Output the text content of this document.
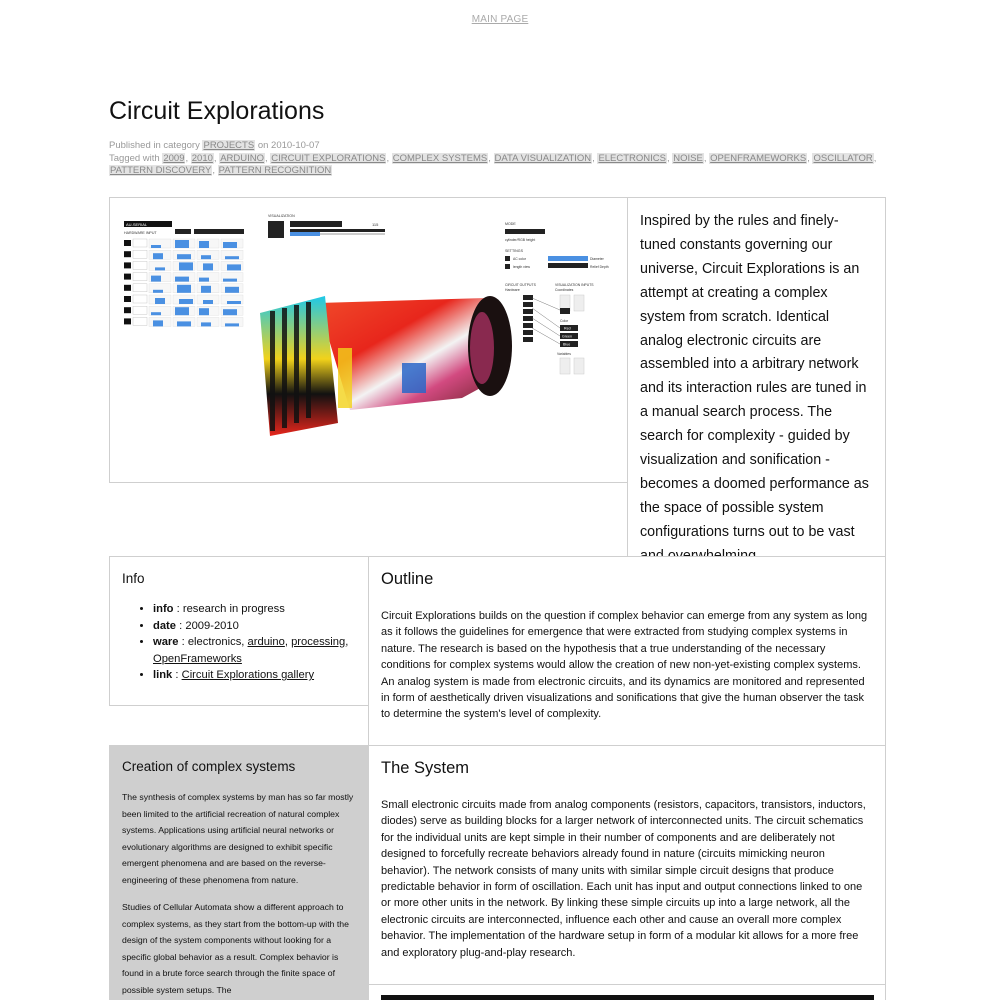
MAIN PAGE
Circuit Explorations
Published in category PROJECTS on 2010-10-07
Tagged with 2009, 2010, ARDUINO, CIRCUIT EXPLORATIONS, COMPLEX SYSTEMS, DATA VISUALIZATION, ELECTRONICS, NOISE, OPENFRAMEWORKS, OSCILLATOR, PATTERN DISCOVERY, PATTERN RECOGNITION
AU-SERIAL
HARDWARE INPUT
VISUALIZATION
115	MODE
cylinder/RGB height
SETTINGS
AC color
length view
Diameter
Relief Depth
CIRCUIT OUTPUTS
Hardware
VISUALIZATION INPUTS
Coordinates
Color
Red
Green
Blue
Variables
Inspired by the rules and finely-tuned constants governing our universe, Circuit Explorations is an attempt at creating a complex system from scratch. Identical analog electronic circuits are assembled into a arbitrary network and its interaction rules are tuned in a manual search process. The search for complexity - guided by visualization and sonification - becomes a doomed performance as the space of possible system configurations turns out to be vast
Info
• info : research in progress
• date : 2009-2010
• ware : electronics, arduino, processing, OpenFrameworks
• link : Circuit Explorations gallery
Outline

Circuit Explorations builds on the question if complex behavior can emerge from any system as long as it follows the guidelines for emergence that were extracted from studying complex systems in nature. The research is based on the hypothesis that a true understanding of the necessary conditions for complex systems would allow the creation of new non-yet-existing complex systems. An analog system is made from electronic circuits, and its dynamics are monitored and represented in form of aesthetically driven visualizations and sonifications that give the human observer the task to determine the system's level of complexity.

Creation of complex systems

The synthesis of complex systems by man has so far mostly been limited to the artificial recreation of natural complex systems. Applications using artificial neural networks or evolutionary algorithms are designed to exhibit specific emergent phenomena and are based on the reverse-engineering of these phenomena from nature.

Studies of Cellular Automata show a different approach to complex systems, as they start from the bottom-up with the design of the system components without looking for a specific global behavior as a result. Complex behavior is found in a brute force search through the finite space of possible system setups. The

The System

Small electronic circuits made from analog components (resistors, capacitors, transistors, inductors, diodes) serve as building blocks for a larger network of interconnected units. The circuit schematics for the individual units are kept simple in their number of components and are deliberately not designed to forcefully recreate behaviors already found in nature (circuits mimicking neuron behavior). The network consists of many units with similar simple circuit designs that produce predictable behavior in form of oscillation. Each unit has input and output connections linked to one or more other units in the network. By linking these simple circuits up into a large network, all the electronic circuits are interconnected, influence each other and cause an overall more complex behavior. The implementation of the hardware setup in form of a modular kit allows for a more free and exploratory plug-and-play research.
